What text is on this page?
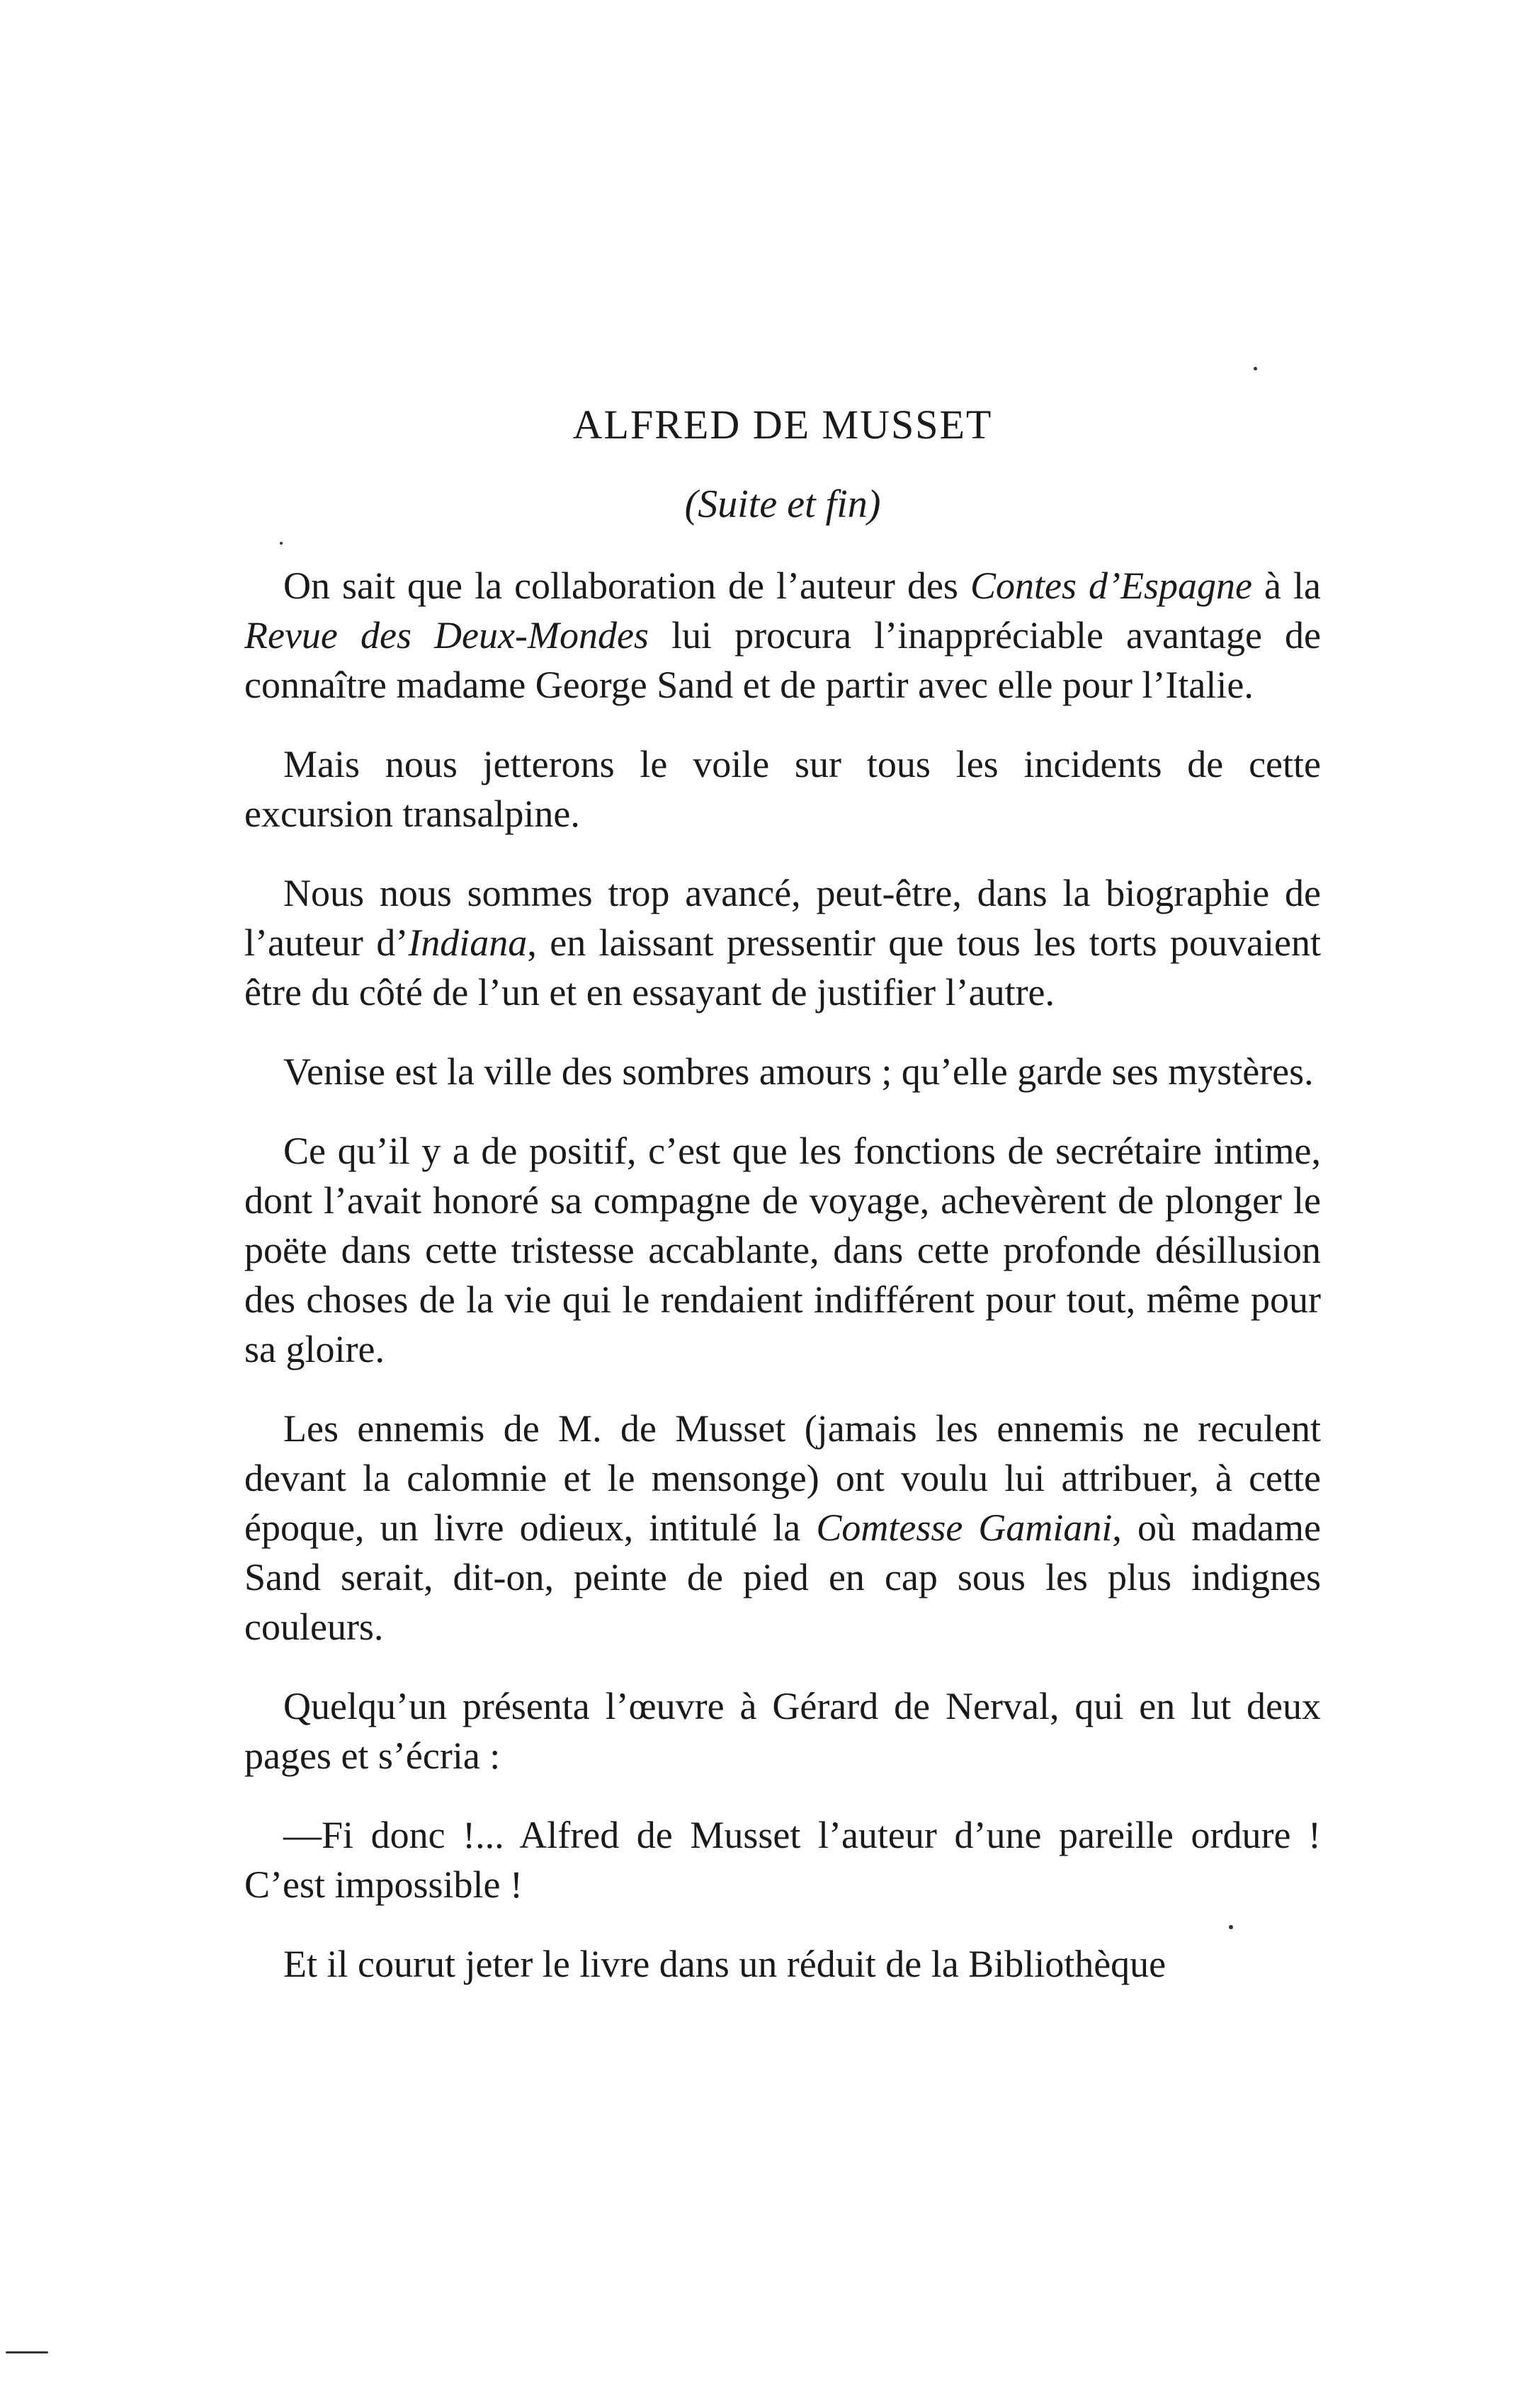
ALFRED DE MUSSET
(Suite et fin)

On sait que la collaboration de l’auteur des Contes d’Espagne à la Revue des Deux-Mondes lui procura l’inappréciable avantage de connaître madame George Sand et de partir avec elle pour l’Italie.

Mais nous jetterons le voile sur tous les incidents de cette excursion transalpine.

Nous nous sommes trop avancé, peut-être, dans la biographie de l’auteur d’Indiana, en laissant pressentir que tous les torts pouvaient être du côté de l’un et en essayant de justifier l’autre.

Venise est la ville des sombres amours ; qu’elle garde ses mystères.

Ce qu’il y a de positif, c’est que les fonctions de secrétaire intime, dont l’avait honoré sa compagne de voyage, achevèrent de plonger le poëte dans cette tristesse accablante, dans cette profonde désillusion des choses de la vie qui le rendaient indifférent pour tout, même pour sa gloire.

Les ennemis de M. de Musset (jamais les ennemis ne reculent devant la calomnie et le mensonge) ont voulu lui attribuer, à cette époque, un livre odieux, intitulé la Comtesse Gamiani, où madame Sand serait, dit-on, peinte de pied en cap sous les plus indignes couleurs.

Quelqu’un présenta l’œuvre à Gérard de Nerval, qui en lut deux pages et s’écria :

—Fi donc !... Alfred de Musset l’auteur d’une pareille ordure ! C’est impossible !

Et il courut jeter le livre dans un réduit de la Bibliothèque
